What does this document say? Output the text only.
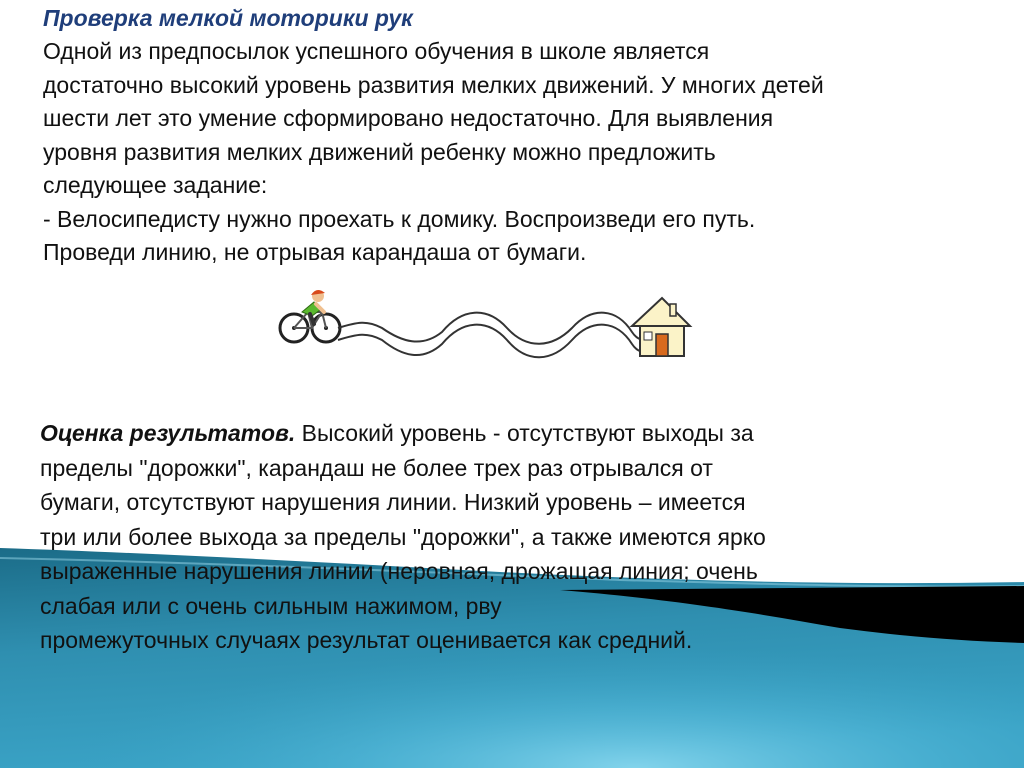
Проверка мелкой моторики рук

Одной из предпосылок успешного обучения в школе является

достаточно высокий уровень развития мелких движений. У многих детей

шести лет это умение сформировано недостаточно. Для выявления

уровня развития мелких движений ребенку можно предложить

следующее задание:

- Велосипедисту нужно проехать к домику. Воспроизведи его путь.

Проведи линию, не отрывая карандаша от бумаги.

Оценка результатов. Высокий уровень - отсутствуют выходы за

пределы "дорожки", карандаш не более трех раз отрывался от

бумаги, отсутствуют нарушения линии. Низкий уровень – имеется

три или более выхода за пределы "дорожки", а также имеются ярко

выраженные нарушения линии (неровная, дрожащая линия; очень

слабая или с очень сильным нажимом, рву

промежуточных случаях результат оценивается как средний.
